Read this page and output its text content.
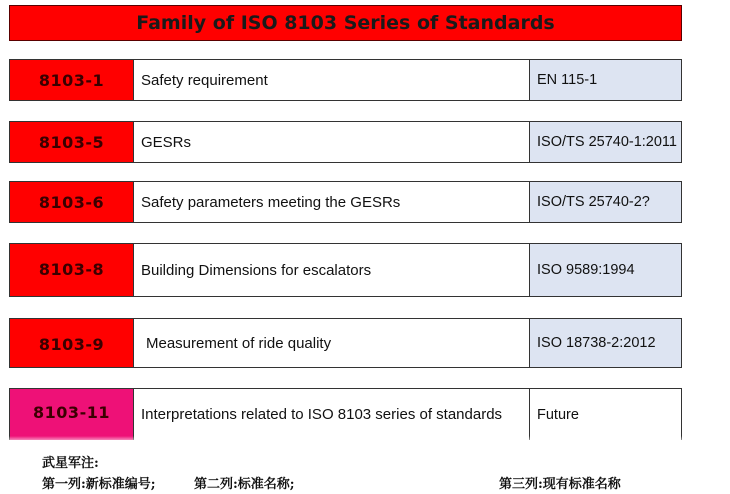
Family of ISO 8103 Series of Standards
8103-1	Safety requirement	EN 115-1
8103-5	GESRs	ISO/TS 25740-1:2011
8103-6	Safety parameters meeting the GESRs	ISO/TS 25740-2?
8103-8	Building Dimensions for escalators	ISO 9589:1994
8103-9	Measurement of ride quality	ISO 18738-2:2012
8103-11	Interpretations related to ISO 8103 series of standards	Future
武星军注:
第一列:新标准编号;	第二列:标准名称;	第三列:现有标准名称
